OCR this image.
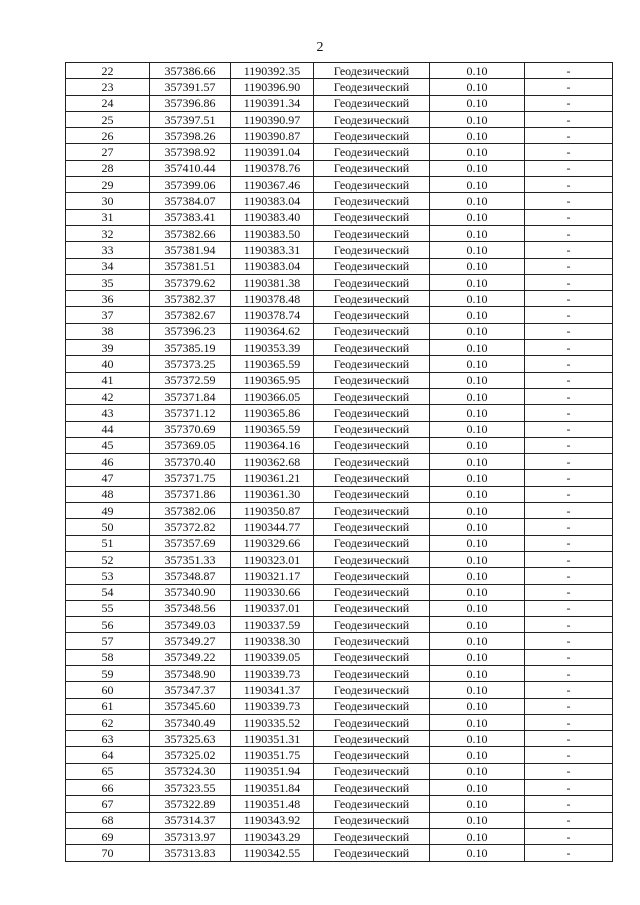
2
22	357386.66	1190392.35	Геодезический	0.10	-
23	357391.57	1190396.90	Геодезический	0.10	-
24	357396.86	1190391.34	Геодезический	0.10	-
25	357397.51	1190390.97	Геодезический	0.10	-
26	357398.26	1190390.87	Геодезический	0.10	-
27	357398.92	1190391.04	Геодезический	0.10	-
28	357410.44	1190378.76	Геодезический	0.10	-
29	357399.06	1190367.46	Геодезический	0.10	-
30	357384.07	1190383.04	Геодезический	0.10	-
31	357383.41	1190383.40	Геодезический	0.10	-
32	357382.66	1190383.50	Геодезический	0.10	-
33	357381.94	1190383.31	Геодезический	0.10	-
34	357381.51	1190383.04	Геодезический	0.10	-
35	357379.62	1190381.38	Геодезический	0.10	-
36	357382.37	1190378.48	Геодезический	0.10	-
37	357382.67	1190378.74	Геодезический	0.10	-
38	357396.23	1190364.62	Геодезический	0.10	-
39	357385.19	1190353.39	Геодезический	0.10	-
40	357373.25	1190365.59	Геодезический	0.10	-
41	357372.59	1190365.95	Геодезический	0.10	-
42	357371.84	1190366.05	Геодезический	0.10	-
43	357371.12	1190365.86	Геодезический	0.10	-
44	357370.69	1190365.59	Геодезический	0.10	-
45	357369.05	1190364.16	Геодезический	0.10	-
46	357370.40	1190362.68	Геодезический	0.10	-
47	357371.75	1190361.21	Геодезический	0.10	-
48	357371.86	1190361.30	Геодезический	0.10	-
49	357382.06	1190350.87	Геодезический	0.10	-
50	357372.82	1190344.77	Геодезический	0.10	-
51	357357.69	1190329.66	Геодезический	0.10	-
52	357351.33	1190323.01	Геодезический	0.10	-
53	357348.87	1190321.17	Геодезический	0.10	-
54	357340.90	1190330.66	Геодезический	0.10	-
55	357348.56	1190337.01	Геодезический	0.10	-
56	357349.03	1190337.59	Геодезический	0.10	-
57	357349.27	1190338.30	Геодезический	0.10	-
58	357349.22	1190339.05	Геодезический	0.10	-
59	357348.90	1190339.73	Геодезический	0.10	-
60	357347.37	1190341.37	Геодезический	0.10	-
61	357345.60	1190339.73	Геодезический	0.10	-
62	357340.49	1190335.52	Геодезический	0.10	-
63	357325.63	1190351.31	Геодезический	0.10	-
64	357325.02	1190351.75	Геодезический	0.10	-
65	357324.30	1190351.94	Геодезический	0.10	-
66	357323.55	1190351.84	Геодезический	0.10	-
67	357322.89	1190351.48	Геодезический	0.10	-
68	357314.37	1190343.92	Геодезический	0.10	-
69	357313.97	1190343.29	Геодезический	0.10	-
70	357313.83	1190342.55	Геодезический	0.10	-
